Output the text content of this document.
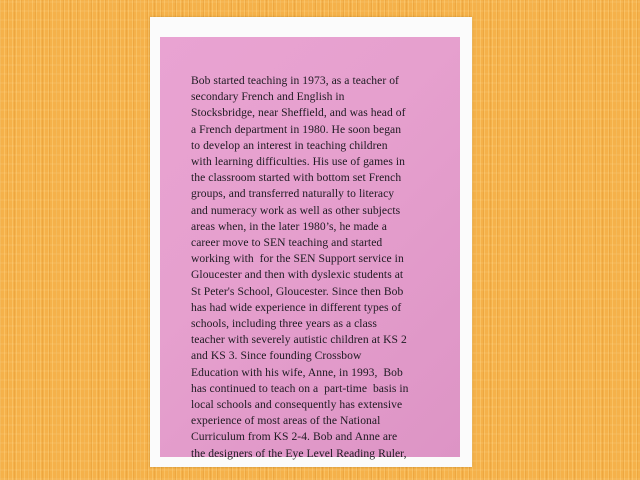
Bob started teaching in 1973, as a teacher of
secondary French and English in
Stocksbridge, near Sheffield, and was head of
a French department in 1980. He soon began
to develop an interest in teaching children
with learning difficulties. His use of games in
the classroom started with bottom set French
groups, and transferred naturally to literacy
and numeracy work as well as other subjects
areas when, in the later 1980’s, he made a
career move to SEN teaching and started
working with  for the SEN Support service in
Gloucester and then with dyslexic students at
St Peter's School, Gloucester. Since then Bob
has had wide experience in different types of
schools, including three years as a class
teacher with severely autistic children at KS 2
and KS 3. Since founding Crossbow
Education with his wife, Anne, in 1993,  Bob
has continued to teach on a  part-time  basis in
local schools and consequently has extensive
experience of most areas of the National
Curriculum from KS 2-4. Bob and Anne are
the designers of the Eye Level Reading Ruler,
